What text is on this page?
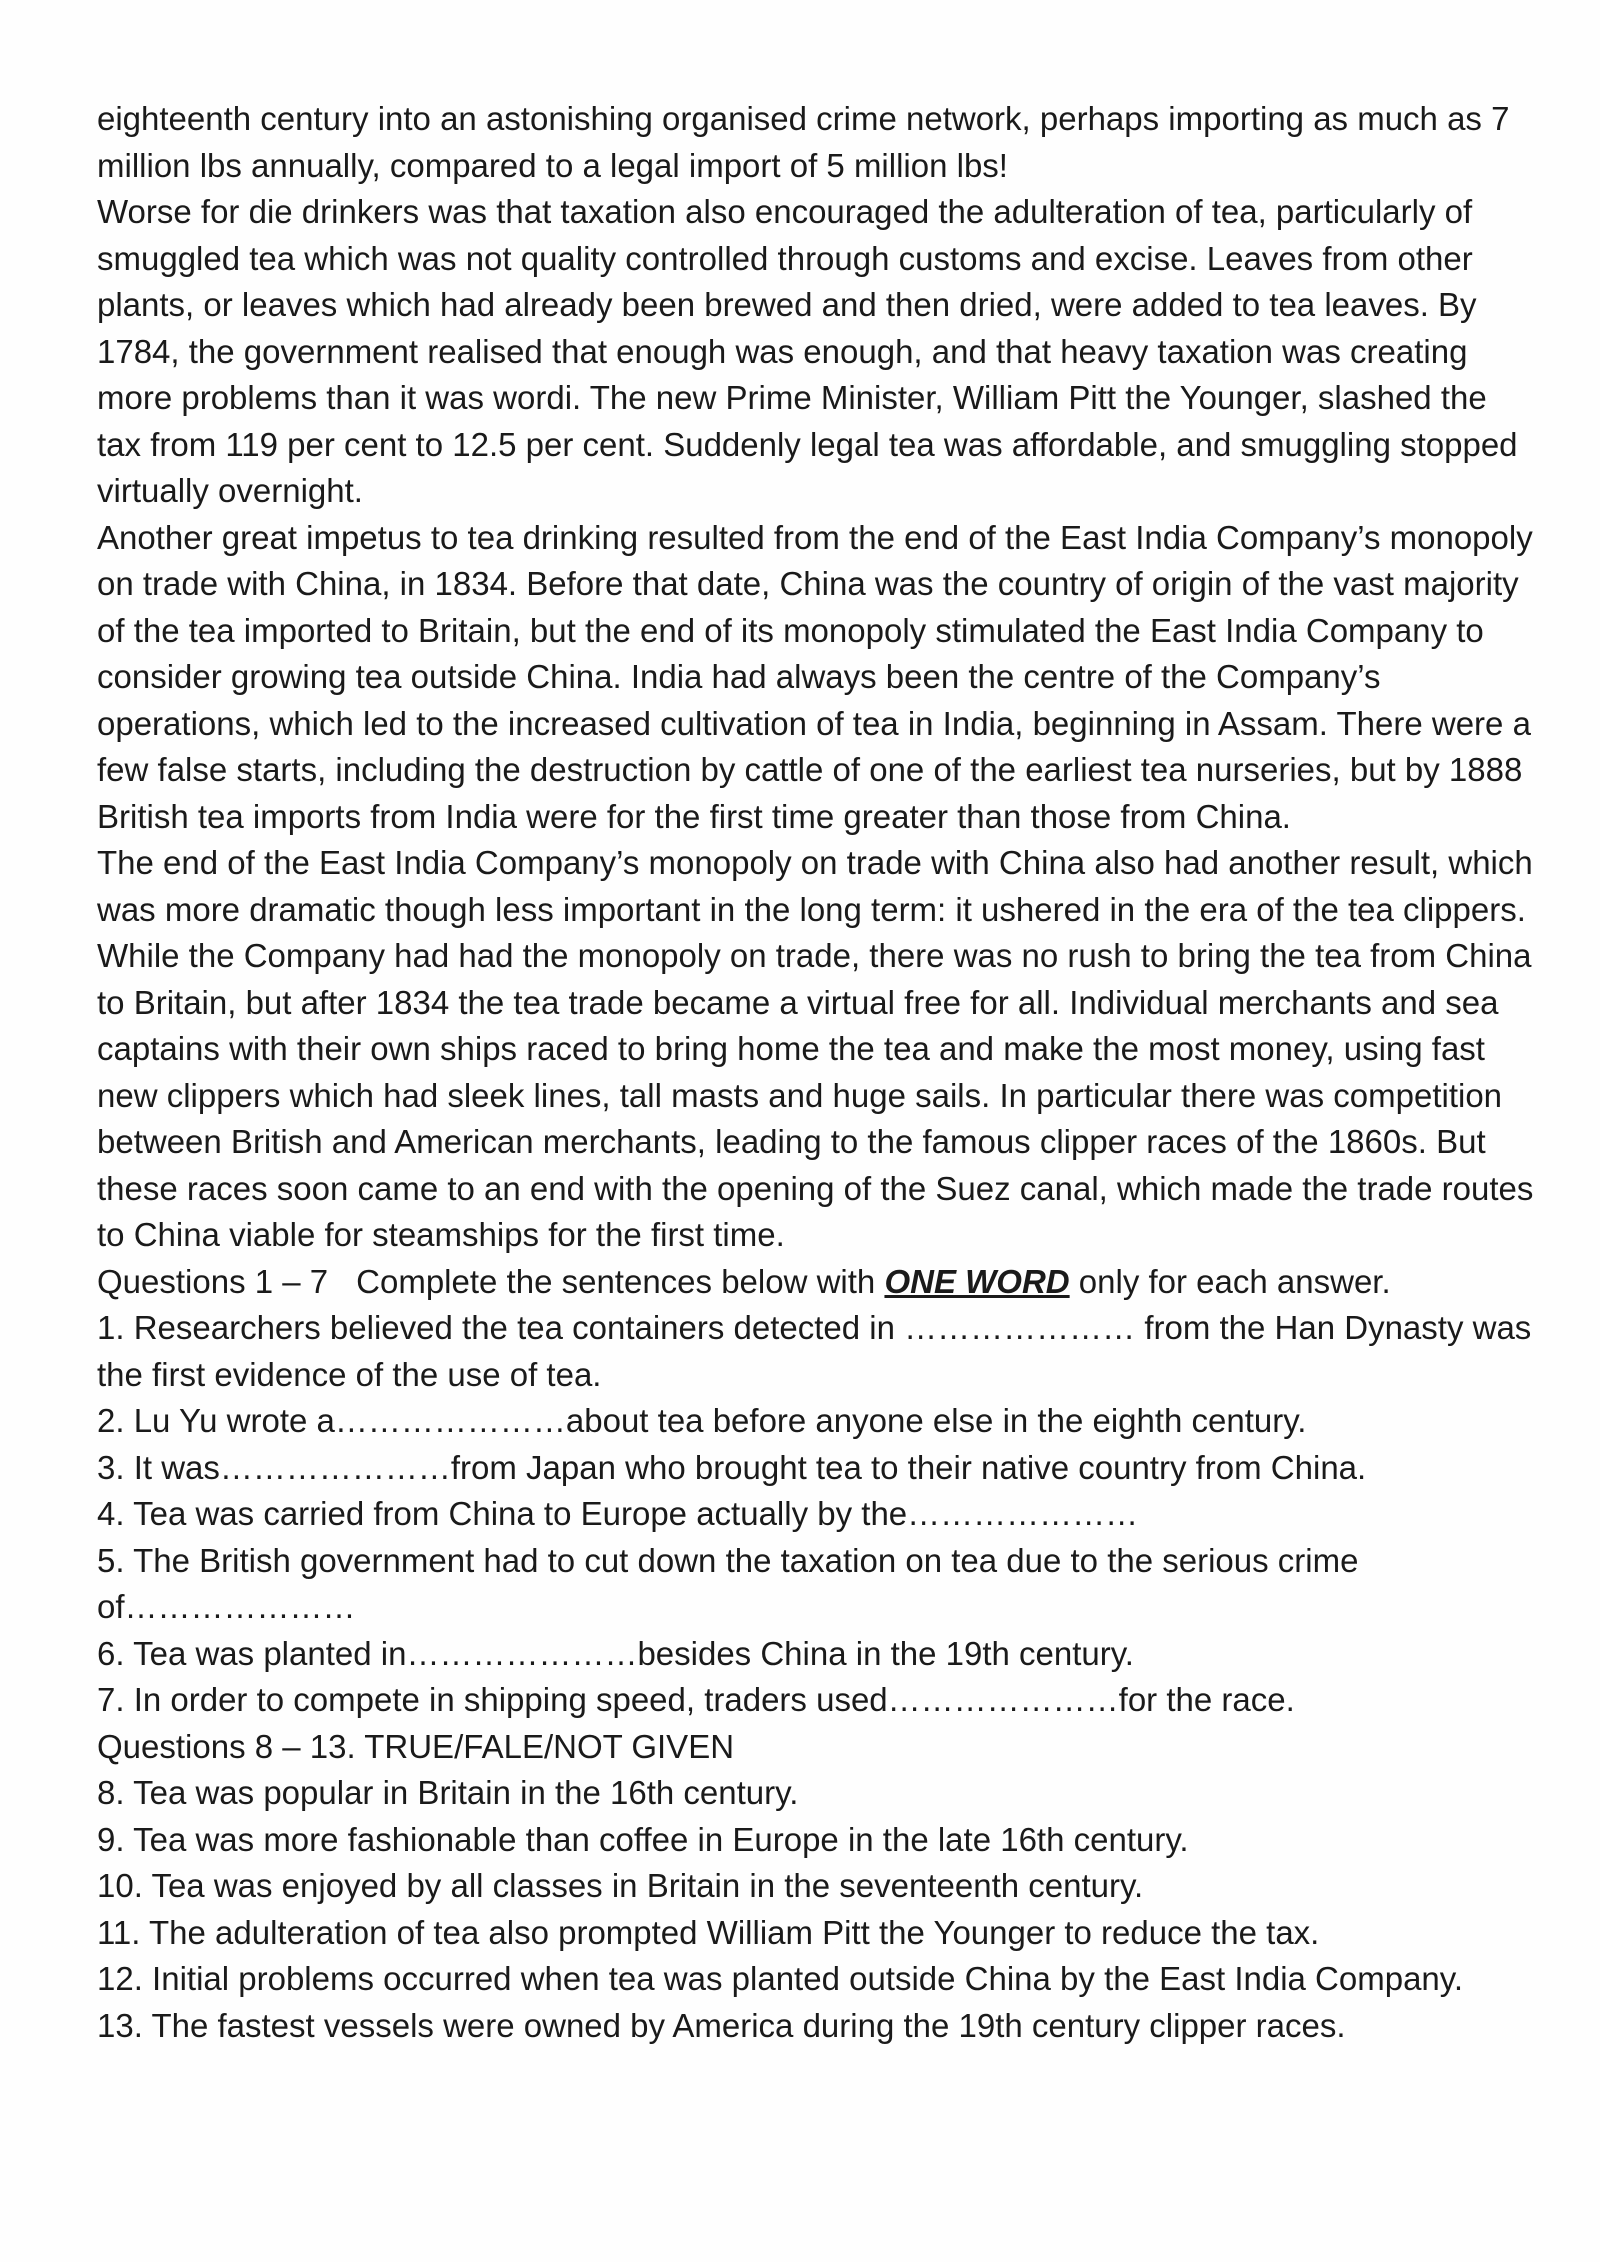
eighteenth century into an astonishing organised crime network, perhaps importing as much as 7 million lbs annually, compared to a legal import of 5 million lbs!

Worse for die drinkers was that taxation also encouraged the adulteration of tea, particularly of smuggled tea which was not quality controlled through customs and excise. Leaves from other plants, or leaves which had already been brewed and then dried, were added to tea leaves. By 1784, the government realised that enough was enough, and that heavy taxation was creating more problems than it was wordi. The new Prime Minister, William Pitt the Younger, slashed the tax from 119 per cent to 12.5 per cent. Suddenly legal tea was affordable, and smuggling stopped virtually overnight.

Another great impetus to tea drinking resulted from the end of the East India Company’s monopoly on trade with China, in 1834. Before that date, China was the country of origin of the vast majority of the tea imported to Britain, but the end of its monopoly stimulated the East India Company to consider growing tea outside China. India had always been the centre of the Company’s operations, which led to the increased cultivation of tea in India, beginning in Assam. There were a few false starts, including the destruction by cattle of one of the earliest tea nurseries, but by 1888 British tea imports from India were for the first time greater than those from China.

The end of the East India Company’s monopoly on trade with China also had another result, which was more dramatic though less important in the long term: it ushered in the era of the tea clippers. While the Company had had the monopoly on trade, there was no rush to bring the tea from China to Britain, but after 1834 the tea trade became a virtual free for all. Individual merchants and sea captains with their own ships raced to bring home the tea and make the most money, using fast new clippers which had sleek lines, tall masts and huge sails. In particular there was competition between British and American merchants, leading to the famous clipper races of the 1860s. But these races soon came to an end with the opening of the Suez canal, which made the trade routes to China viable for steamships for the first time.

Questions 1 – 7 Complete the sentences below with ONE WORD only for each answer.

1. Researchers believed the tea containers detected in ………………… from the Han Dynasty was the first evidence of the use of tea.

2. Lu Yu wrote a…………………about tea before anyone else in the eighth century.

3. It was…………………from Japan who brought tea to their native country from China.

4. Tea was carried from China to Europe actually by the…………………

5. The British government had to cut down the taxation on tea due to the serious crime of…………………

6. Tea was planted in…………………besides China in the 19th century.

7. In order to compete in shipping speed, traders used…………………for the race.

Questions 8 – 13. TRUE/FALE/NOT GIVEN

8. Tea was popular in Britain in the 16th century.

9. Tea was more fashionable than coffee in Europe in the late 16th century.

10. Tea was enjoyed by all classes in Britain in the seventeenth century.

11. The adulteration of tea also prompted William Pitt the Younger to reduce the tax.

12. Initial problems occurred when tea was planted outside China by the East India Company.

13. The fastest vessels were owned by America during the 19th century clipper races.
